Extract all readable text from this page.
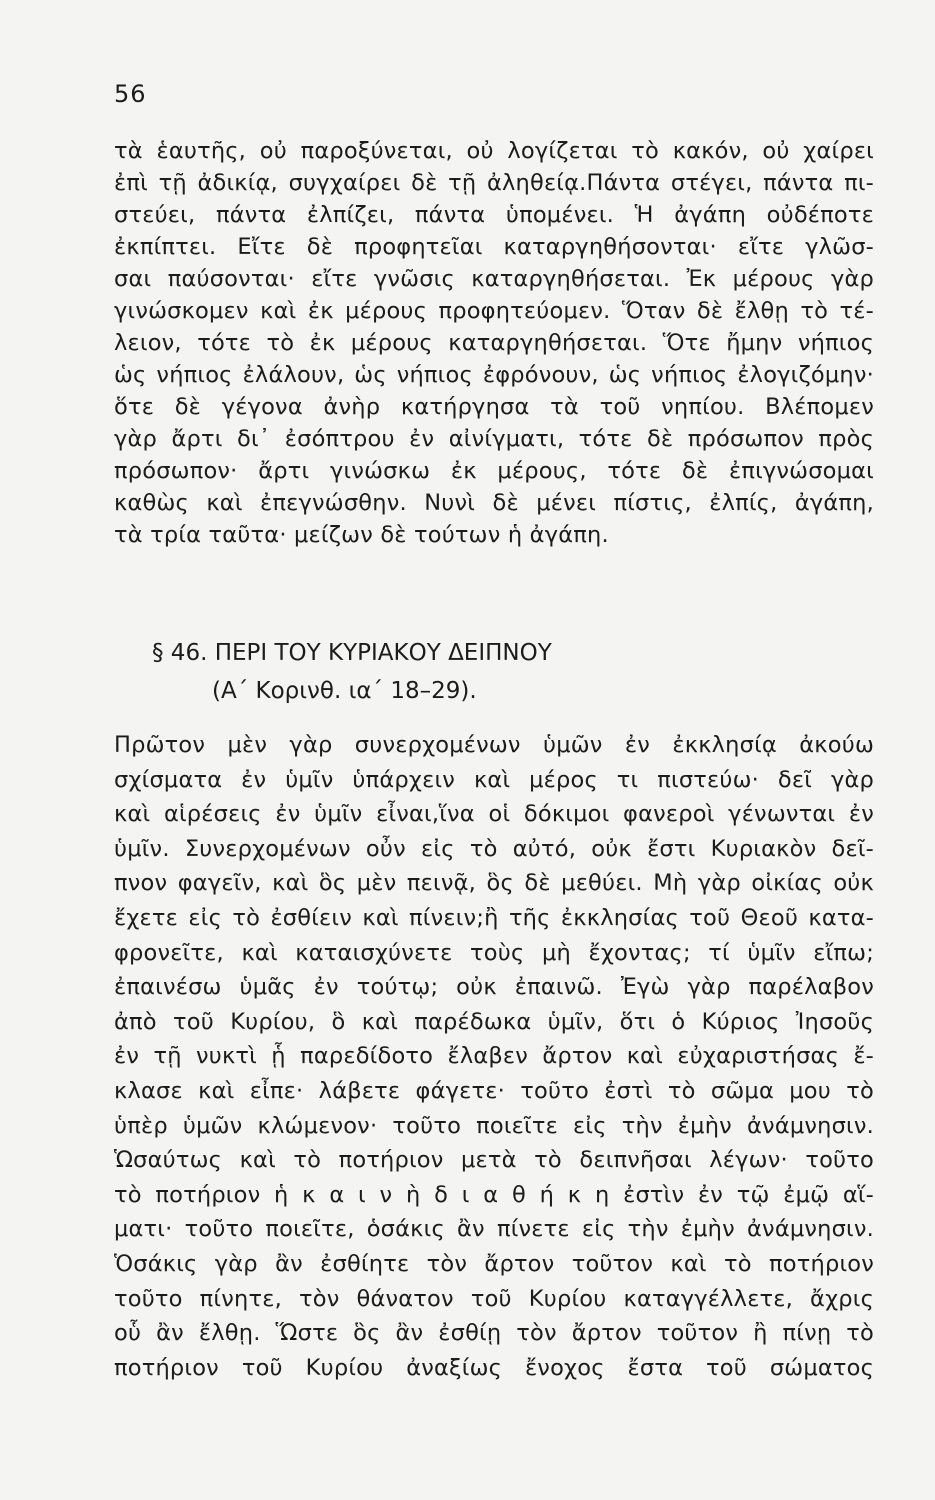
56
τὰ ἑαυτῆς, οὐ παροξύνεται, οὐ λογίζεται τὸ κακόν, οὐ χαίρει
ἐπὶ τῇ ἀδικίᾳ, συγχαίρει δὲ τῇ ἀληθείᾳ.Πάντα στέγει, πάντα πι-
στεύει, πάντα ἐλπίζει, πάντα ὑπομένει. Ἡ ἀγάπη οὐδέποτε
ἐκπίπτει. Εἴτε δὲ προφητεῖαι καταργηθήσονται· εἴτε γλῶσ-
σαι παύσονται· εἴτε γνῶσις καταργηθήσεται. Ἐκ μέρους γὰρ
γινώσκομεν καὶ ἐκ μέρους προφητεύομεν. Ὅταν δὲ ἔλθῃ τὸ τέ-
λειον, τότε τὸ ἐκ μέρους καταργηθήσεται. Ὅτε ἤμην νήπιος
ὡς νήπιος ἐλάλουν, ὡς νήπιος ἐφρόνουν, ὡς νήπιος ἐλογιζόμην·
ὅτε δὲ γέγονα ἀνὴρ κατήργησα τὰ τοῦ νηπίου. Βλέπομεν
γὰρ ἄρτι δι᾽ ἐσόπτρου ἐν αἰνίγματι, τότε δὲ πρόσωπον πρὸς
πρόσωπον· ἄρτι γινώσκω ἐκ μέρους, τότε δὲ ἐπιγνώσομαι
καθὼς καὶ ἐπεγνώσθην. Νυνὶ δὲ μένει πίστις, ἐλπίς, ἀγάπη,
τὰ τρία ταῦτα· μείζων δὲ τούτων ἡ ἀγάπη.
§ 46. ΠΕΡΙ ΤΟΥ ΚΥΡΙΑΚΟΥ ΔΕΙΠΝΟΥ
(Α΄ Κορινθ. ια΄ 18–29).
Πρῶτον μὲν γὰρ συνερχομένων ὑμῶν ἐν ἐκκλησίᾳ ἀκούω
σχίσματα ἐν ὑμῖν ὑπάρχειν καὶ μέρος τι πιστεύω· δεῖ γὰρ
καὶ αἱρέσεις ἐν ὑμῖν εἶναι,ἵνα οἱ δόκιμοι φανεροὶ γένωνται ἐν
ὑμῖν. Συνερχομένων οὖν εἰς τὸ αὐτό, οὐκ ἔστι Κυριακὸν δεῖ-
πνον φαγεῖν, καὶ ὃς μὲν πεινᾷ, ὃς δὲ μεθύει. Μὴ γὰρ οἰκίας οὐκ
ἔχετε εἰς τὸ ἐσθίειν καὶ πίνειν;ἢ τῆς ἐκκλησίας τοῦ Θεοῦ κατα-
φρονεῖτε, καὶ καταισχύνετε τοὺς μὴ ἔχοντας; τί ὑμῖν εἴπω;
ἐπαινέσω ὑμᾶς ἐν τούτῳ; οὐκ ἐπαινῶ. Ἐγὼ γὰρ παρέλαβον
ἀπὸ τοῦ Κυρίου, ὃ καὶ παρέδωκα ὑμῖν, ὅτι ὁ Κύριος Ἰησοῦς
ἐν τῇ νυκτὶ ᾗ παρεδίδοτο ἔλαβεν ἄρτον καὶ εὐχαριστήσας ἔ-
κλασε καὶ εἶπε· λάβετε φάγετε· τοῦτο ἐστὶ τὸ σῶμα μου τὸ
ὑπὲρ ὑμῶν κλώμενον· τοῦτο ποιεῖτε εἰς τὴν ἐμὴν ἀνάμνησιν.
Ὡσαύτως καὶ τὸ ποτήριον μετὰ τὸ δειπνῆσαι λέγων· τοῦτο
τὸ ποτήριον ἡ κ α ι ν ὴ δ ι α θ ή κ η ἐστὶν ἐν τῷ ἐμῷ αἵ-
ματι· τοῦτο ποιεῖτε, ὁσάκις ἂν πίνετε εἰς τὴν ἐμὴν ἀνάμνησιν.
Ὁσάκις γὰρ ἂν ἐσθίητε τὸν ἄρτον τοῦτον καὶ τὸ ποτήριον
τοῦτο πίνητε, τὸν θάνατον τοῦ Κυρίου καταγγέλλετε, ἄχρις
οὗ ἂν ἔλθῃ. Ὥστε ὃς ἂν ἐσθίῃ τὸν ἄρτον τοῦτον ἢ πίνῃ τὸ
ποτήριον τοῦ Κυρίου ἀναξίως ἔνοχος ἔστα τοῦ σώματος
